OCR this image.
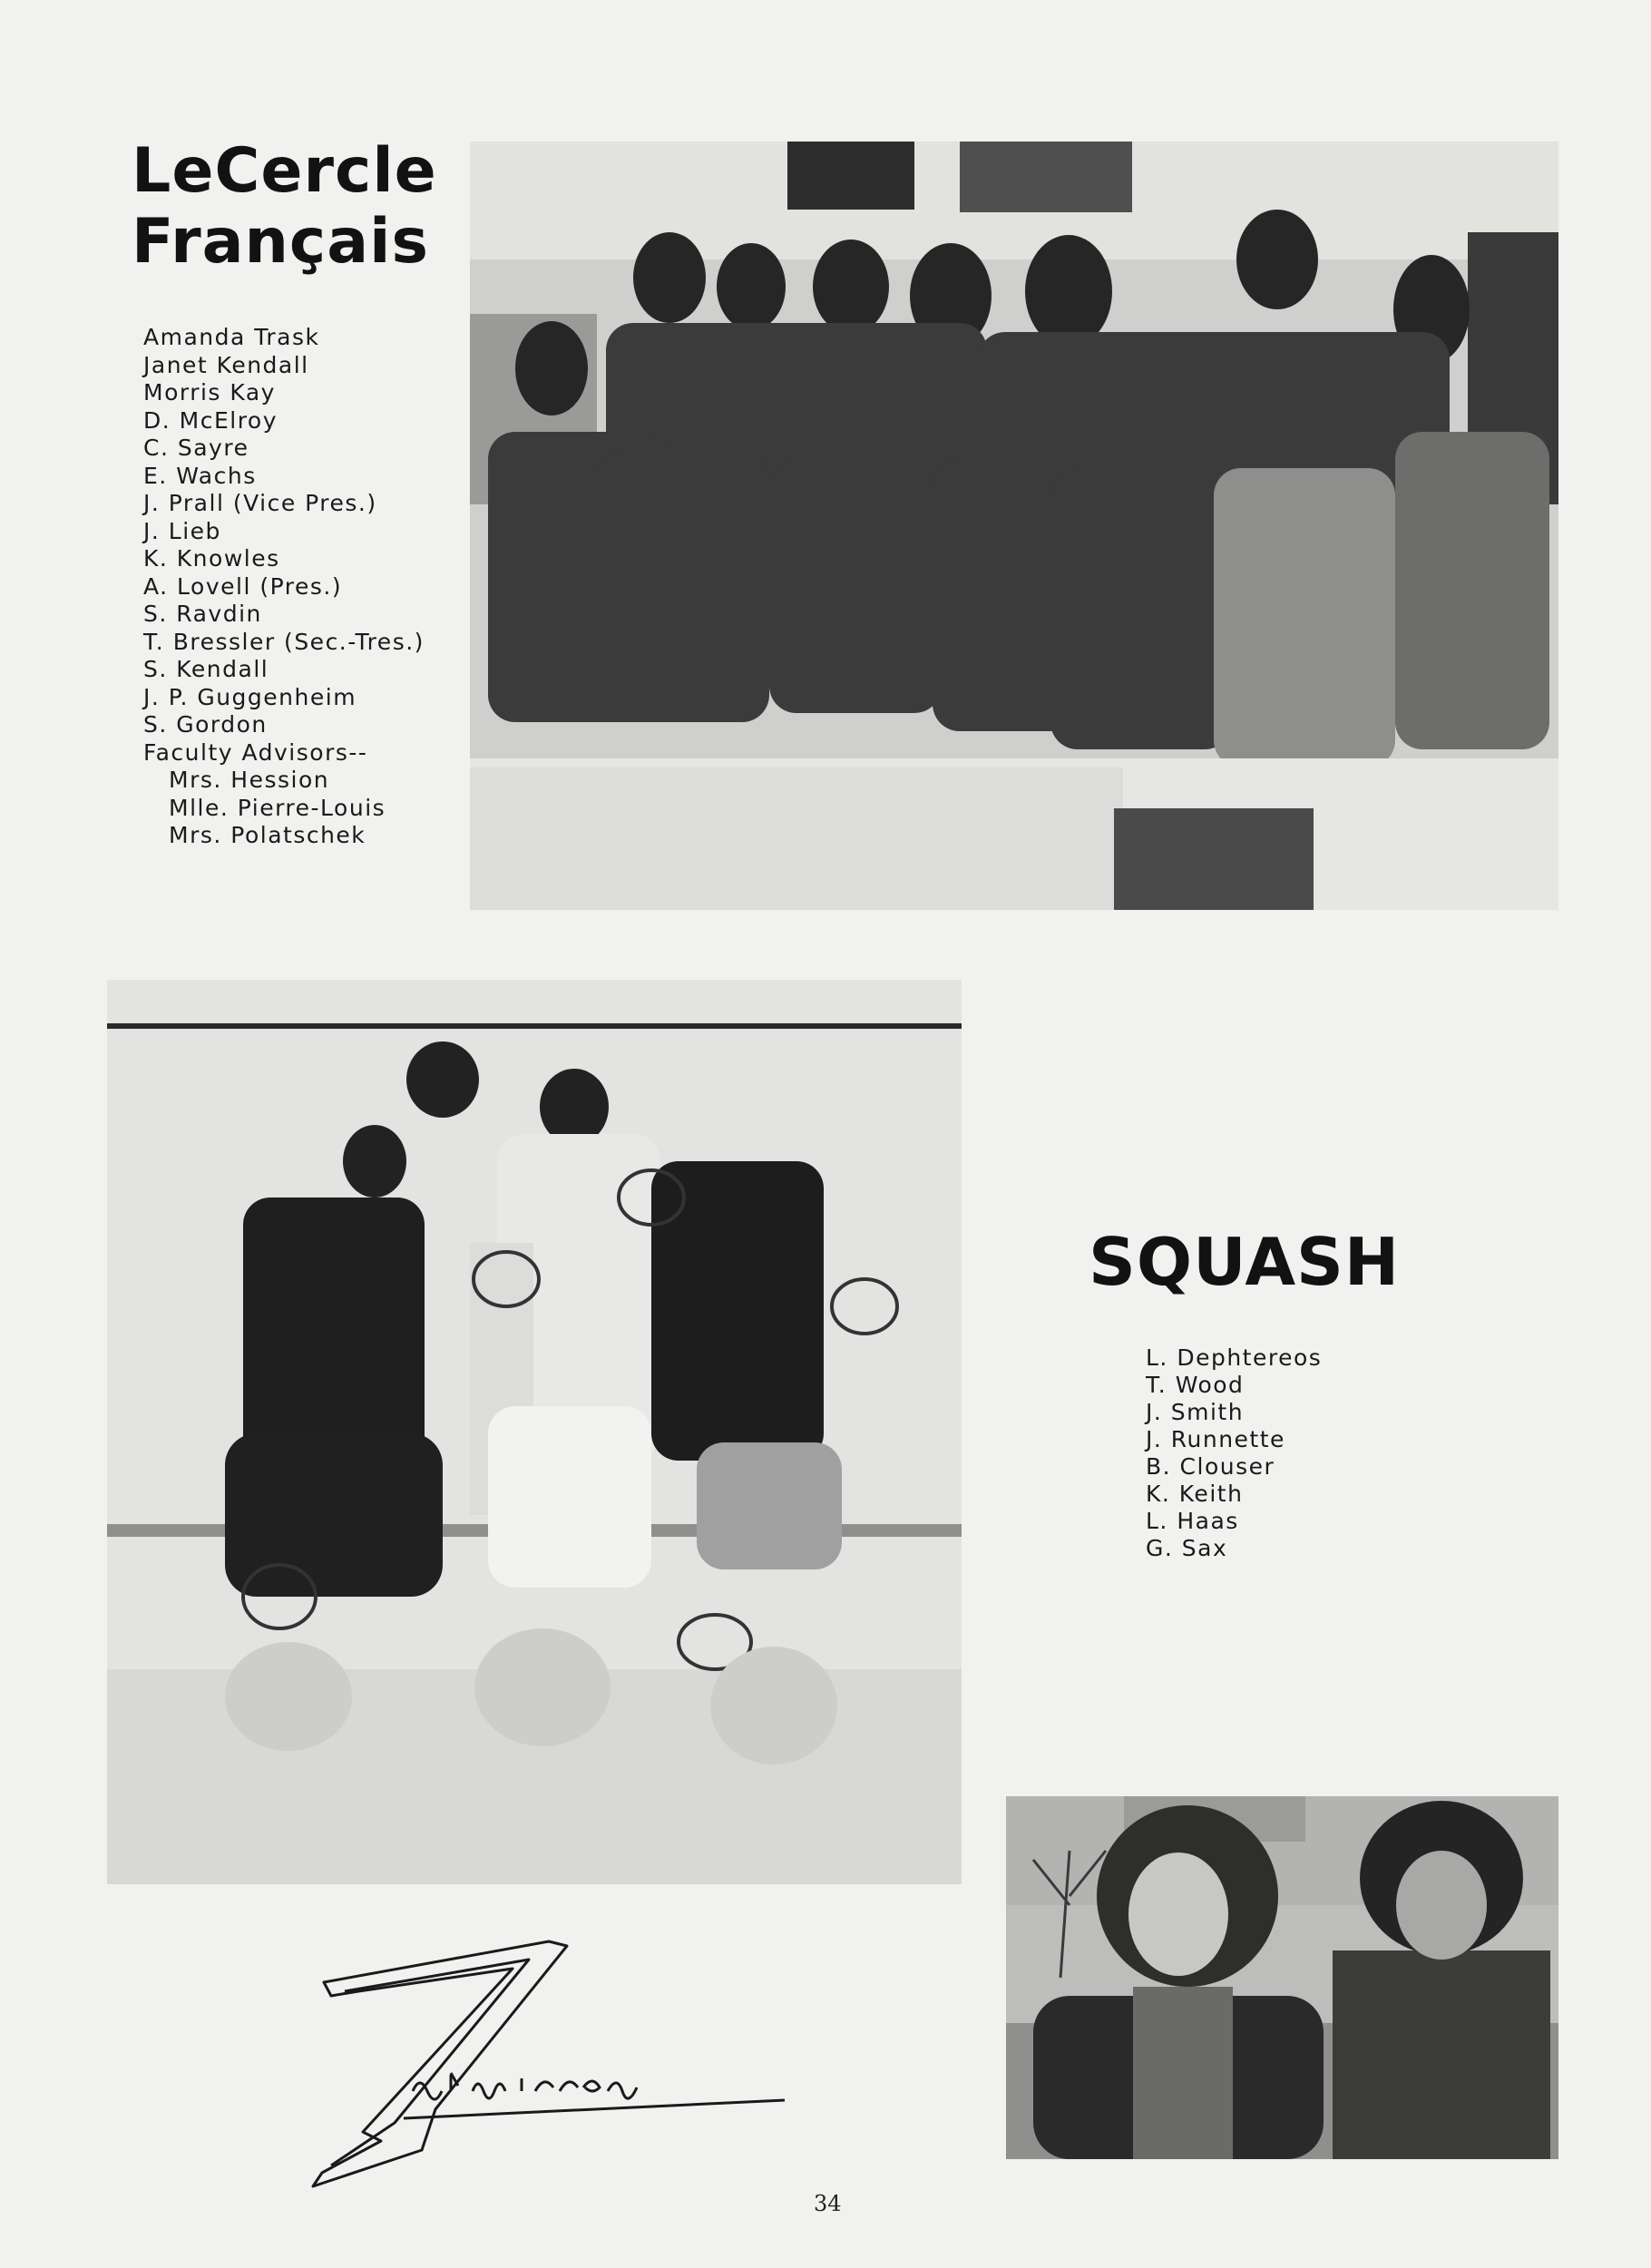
LeCercle
Français
Amanda Trask
Janet Kendall
Morris Kay
D. McElroy
C. Sayre
E. Wachs
J. Prall (Vice Pres.)
J. Lieb
K. Knowles
A. Lovell (Pres.)
S. Ravdin
T. Bressler (Sec.-Tres.)
S. Kendall
J. P. Guggenheim
S. Gordon
Faculty Advisors--
Mrs. Hession
Mlle. Pierre-Louis
Mrs. Polatschek
SQUASH
L. Dephtereos
T. Wood
J. Smith
J. Runnette
B. Clouser
K. Keith
L. Haas
G. Sax
34
